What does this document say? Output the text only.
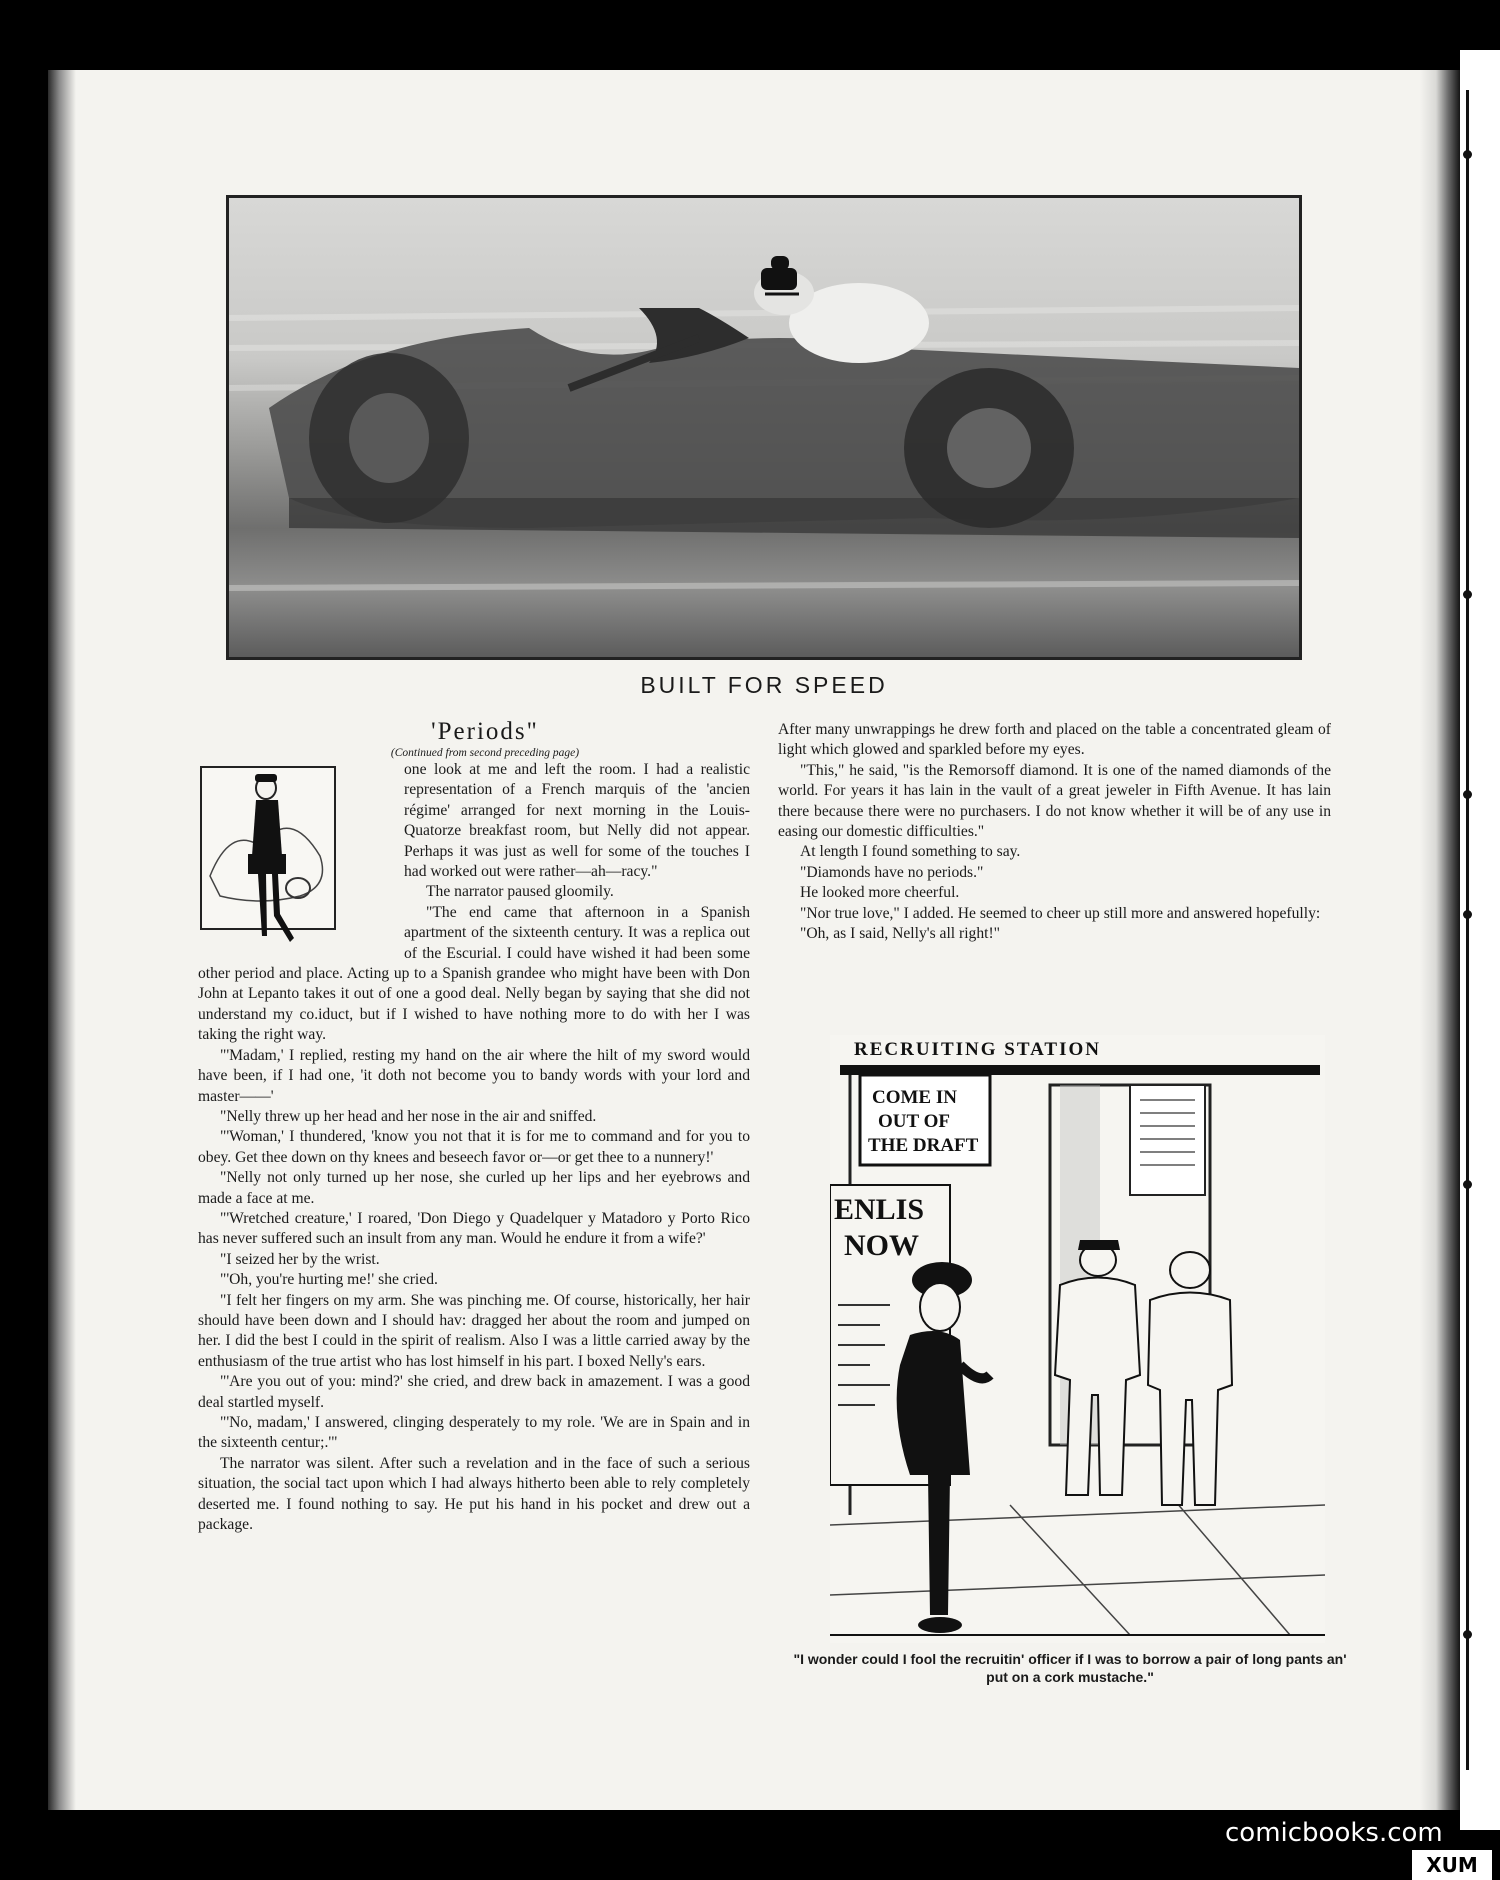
BUILT FOR SPEED

'Periods"

(Continued from second preceding page)

one look at me and left the room. I had a realistic representation of a French marquis of the 'ancien régime' arranged for next morning in the Louis-Quatorze breakfast room, but Nelly did not appear. Perhaps it was just as well for some of the touches I had worked out were rather—ah—racy."

The narrator paused gloomily.

"The end came that afternoon in a Spanish apartment of the sixteenth century. It was a replica out of the Escurial. I could have wished it had been some other period and place. Acting up to a Spanish grandee who might have been with Don John at Lepanto takes it out of one a good deal. Nelly began by saying that she did not understand my co.iduct, but if I wished to have nothing more to do with her I was taking the right way.

"'Madam,' I replied, resting my hand on the air where the hilt of my sword would have been, if I had one, 'it doth not become you to bandy words with your lord and master——'

"Nelly threw up her head and her nose in the air and sniffed.

"'Woman,' I thundered, 'know you not that it is for me to command and for you to obey. Get thee down on thy knees and beseech favor or—or get thee to a nunnery!'

"Nelly not only turned up her nose, she curled up her lips and her eyebrows and made a face at me.

"'Wretched creature,' I roared, 'Don Diego y Quadelquer y Matadoro y Porto Rico has never suffered such an insult from any man. Would he endure it from a wife?'

"I seized her by the wrist.

"'Oh, you're hurting me!' she cried.

"I felt her fingers on my arm. She was pinching me. Of course, historically, her hair should have been down and I should hav: dragged her about the room and jumped on her. I did the best I could in the spirit of realism. Also I was a little carried away by the enthusiasm of the true artist who has lost himself in his part. I boxed Nelly's ears.

"'Are you out of you: mind?' she cried, and drew back in amazement. I was a good deal startled myself.

"'No, madam,' I answered, clinging desperately to my role. 'We are in Spain and in the sixteenth centur;.'"

The narrator was silent. After such a revelation and in the face of such a serious situation, the social tact upon which I had always hitherto been able to rely completely deserted me. I found nothing to say. He put his hand in his pocket and drew out a package.

After many unwrappings he drew forth and placed on the table a concentrated gleam of light which glowed and sparkled before my eyes.

"This," he said, "is the Remorsoff diamond. It is one of the named diamonds of the world. For years it has lain in the vault of a great jeweler in Fifth Avenue. It has lain there because there were no purchasers. I do not know whether it will be of any use in easing our domestic difficulties."

At length I found something to say.

"Diamonds have no periods."

He looked more cheerful.

"Nor true love," I added. He seemed to cheer up still more and answered hopefully:

"Oh, as I said, Nelly's all right!"

RECRUITING STATION
COME IN
OUT OF
THE DRAFT
ENLIS
NOW
"I wonder could I fool the recruitin' officer if I was to borrow a pair of long pants an' put on a cork mustache."
comicbooks.com
XUM
